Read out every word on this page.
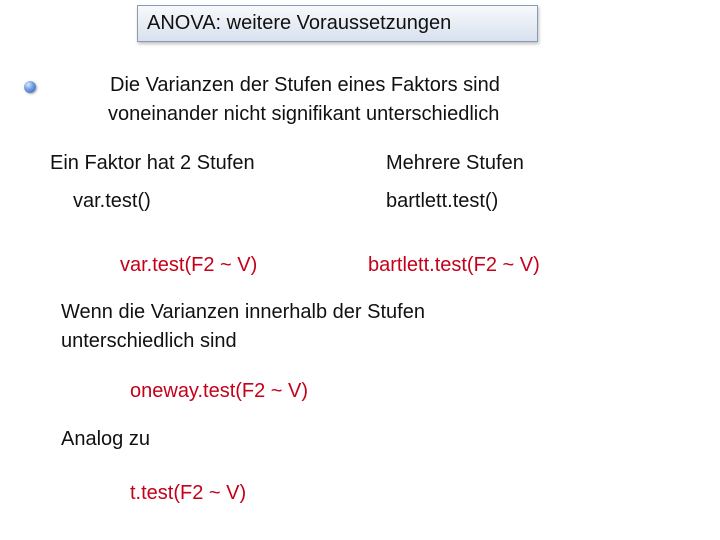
ANOVA: weitere Voraussetzungen
Die Varianzen der Stufen eines Faktors sind
voneinander nicht signifikant unterschiedlich
Ein Faktor hat 2 Stufen
var.test()
var.test(F2 ~ V)
Mehrere Stufen
bartlett.test()
bartlett.test(F2 ~ V)
Wenn die Varianzen innerhalb der Stufen
unterschiedlich sind
oneway.test(F2 ~ V)
Analog zu
t.test(F2 ~ V)
